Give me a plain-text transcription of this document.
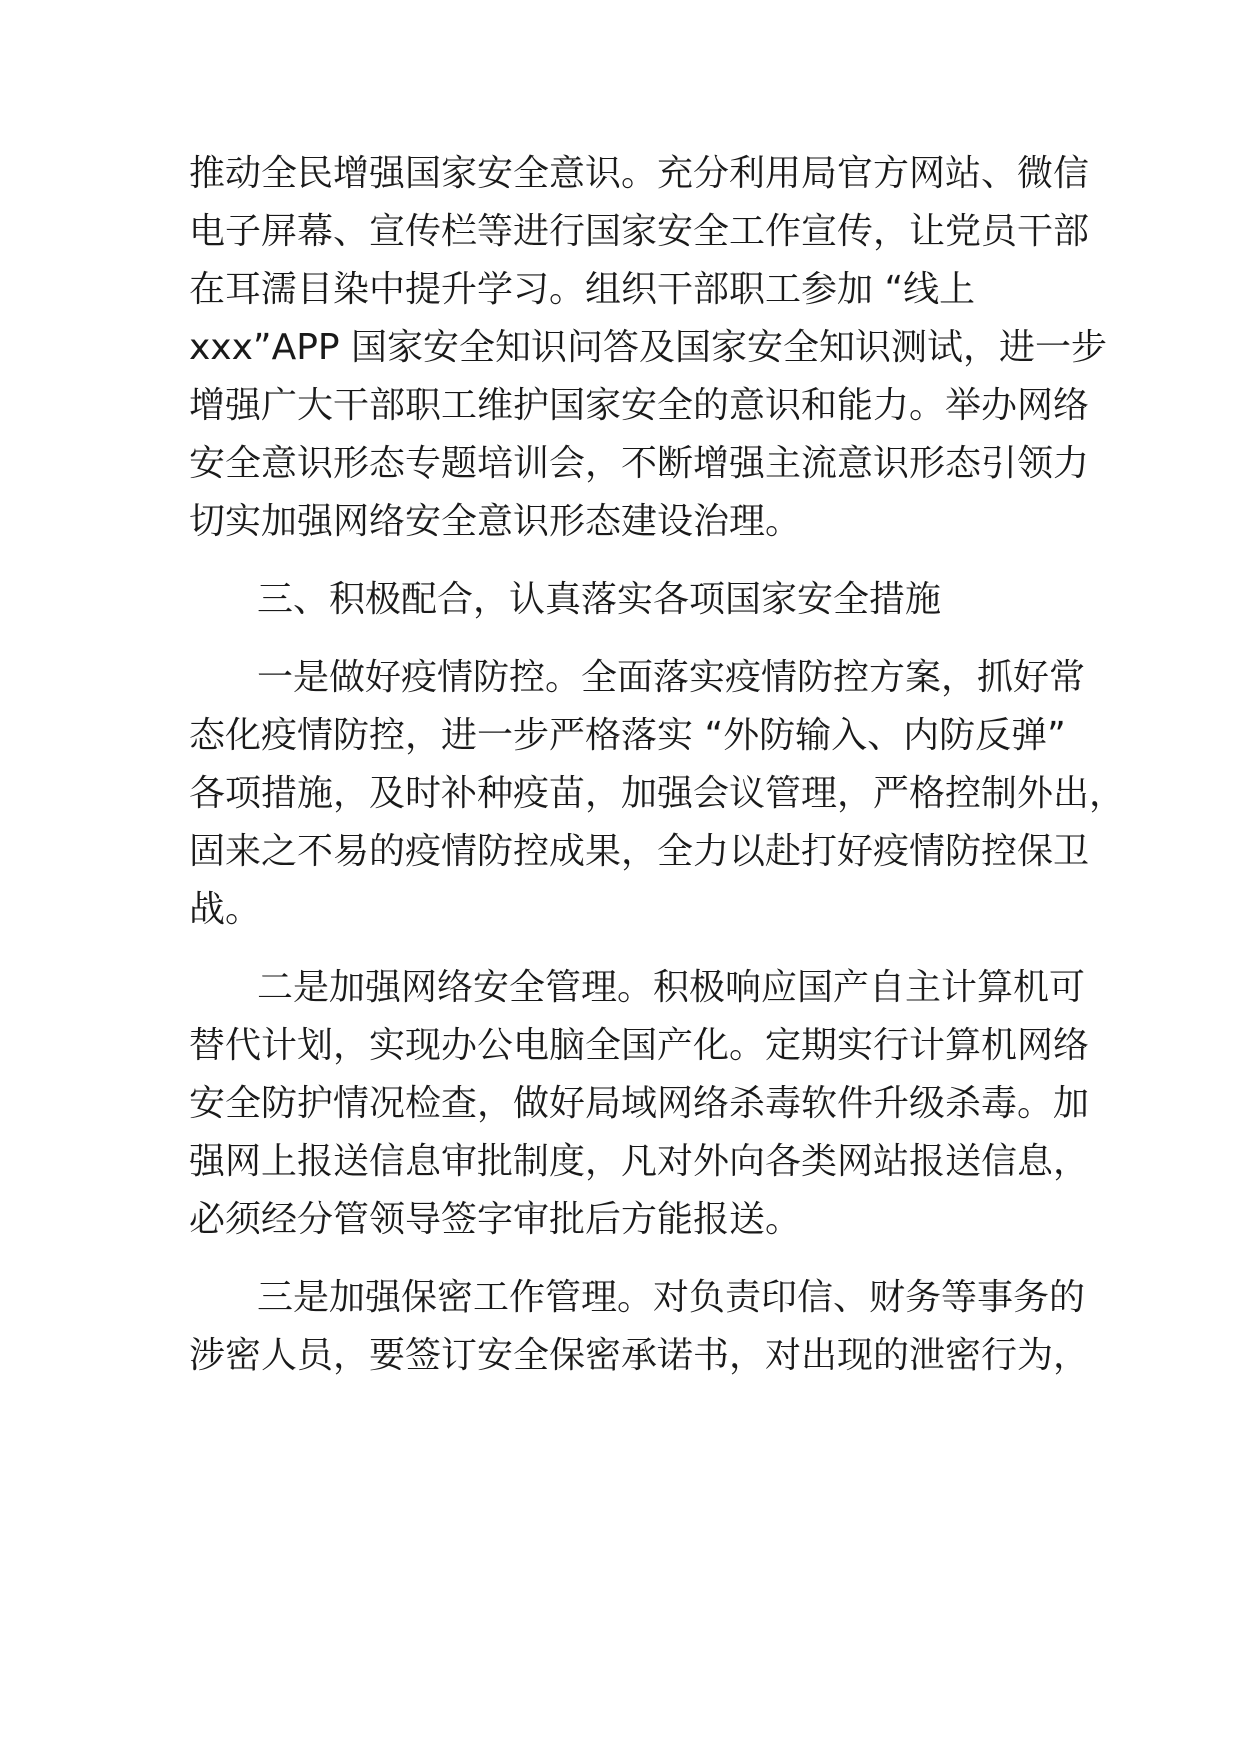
推动全民增强国家安全意识。充分利用局官方网站、微信
电子屏幕、宣传栏等进行国家安全工作宣传，让党员干部
在耳濡目染中提升学习。组织干部职工参加 “线上
xxx”APP 国家安全知识问答及国家安全知识测试，进一步
增强广大干部职工维护国家安全的意识和能力。举办网络
安全意识形态专题培训会，不断增强主流意识形态引领力
切实加强网络安全意识形态建设治理。
三、积极配合，认真落实各项国家安全措施
一是做好疫情防控。全面落实疫情防控方案，抓好常
态化疫情防控，进一步严格落实 “外防输入、内防反弹”
各项措施，及时补种疫苗，加强会议管理，严格控制外出，
固来之不易的疫情防控成果，全力以赴打好疫情防控保卫
战。
二是加强网络安全管理。积极响应国产自主计算机可
替代计划，实现办公电脑全国产化。定期实行计算机网络
安全防护情况检查，做好局域网络杀毒软件升级杀毒。加
强网上报送信息审批制度，凡对外向各类网站报送信息，
必须经分管领导签字审批后方能报送。
三是加强保密工作管理。对负责印信、财务等事务的
涉密人员，要签订安全保密承诺书，对出现的泄密行为，
